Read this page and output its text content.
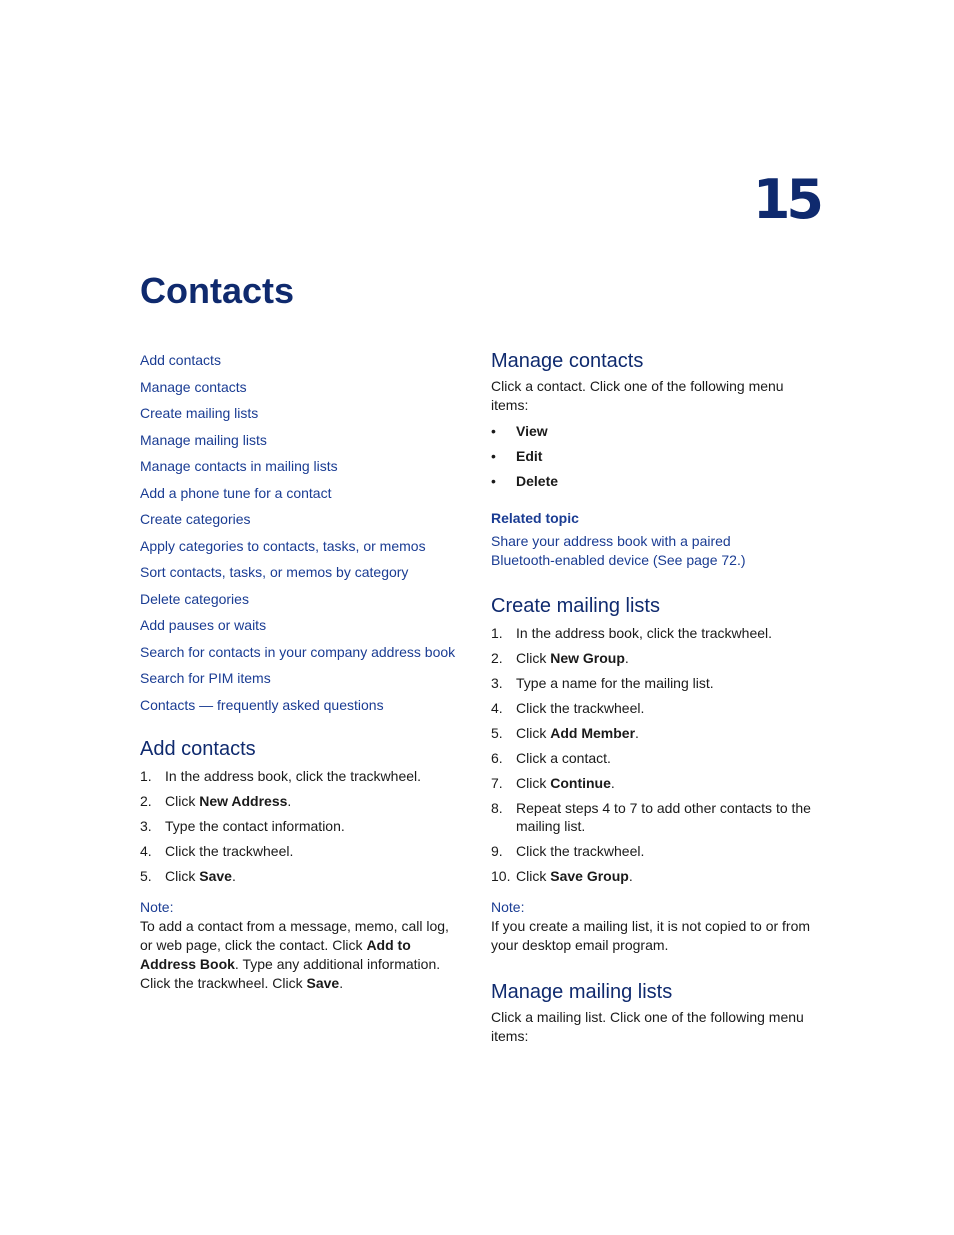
15
Contacts
Add contacts
Manage contacts
Create mailing lists
Manage mailing lists
Manage contacts in mailing lists
Add a phone tune for a contact
Create categories
Apply categories to contacts, tasks, or memos
Sort contacts, tasks, or memos by category
Delete categories
Add pauses or waits
Search for contacts in your company address book
Search for PIM items
Contacts — frequently asked questions
Add contacts
1. In the address book, click the trackwheel.
2. Click New Address.
3. Type the contact information.
4. Click the trackwheel.
5. Click Save.

Note:

To add a contact from a message, memo, call log, or web page, click the contact. Click Add to Address Book. Type any additional information. Click the trackwheel. Click Save.

Manage contacts

Click a contact. Click one of the following menu items:

•	View
•	Edit
•	Delete

Related topic

Share your address book with a paired Bluetooth-enabled device (See page 72.)
Create mailing lists
1. In the address book, click the trackwheel.
2. Click New Group.
3. Type a name for the mailing list.
4. Click the trackwheel.
5. Click Add Member.
6. Click a contact.
7. Click Continue.
8. Repeat steps 4 to 7 to add other contacts to the mailing list.
9. Click the trackwheel.
10. Click Save Group.

Note:

If you create a mailing list, it is not copied to or from your desktop email program.

Manage mailing lists

Click a mailing list. Click one of the following menu items:
